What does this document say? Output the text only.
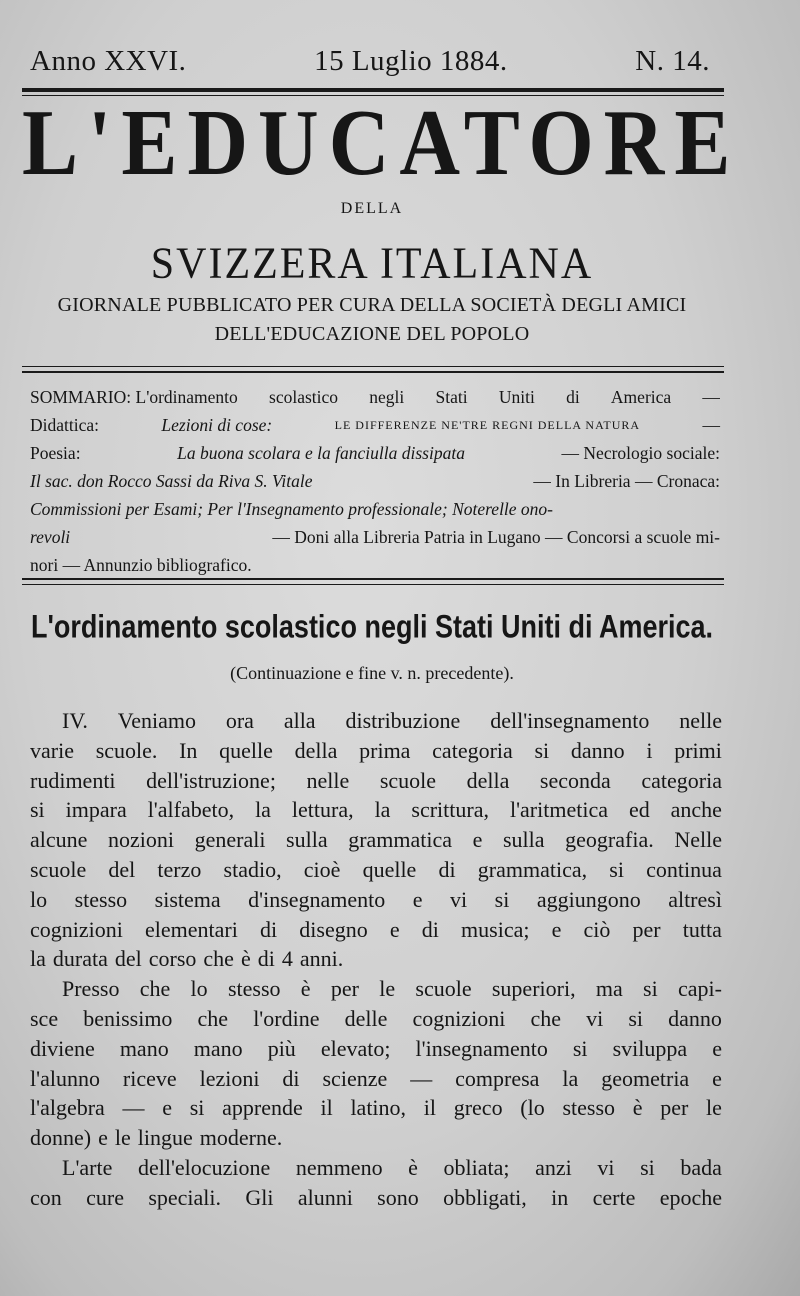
Anno XXVI.	15 Luglio 1884.	N. 14.
L'EDUCATORE
DELLA
SVIZZERA ITALIANA
GIORNALE PUBBLICATO PER CURA DELLA SOCIETÀ DEGLI AMICI
DELL'EDUCAZIONE DEL POPOLO
SOMMARIO: L'ordinamento scolastico negli Stati Uniti di America —
Didattica:	Lezioni di cose:	LE DIFFERENZE NE'TRE REGNI DELLA NATURA	—
Poesia:	La buona scolara e la fanciulla dissipata	— Necrologio sociale:
Il sac. don Rocco Sassi da Riva S. Vitale	— In Libreria — Cronaca:
Commissioni per Esami; Per l'Insegnamento professionale; Noterelle ono-
revoli	— Doni alla Libreria Patria in Lugano — Concorsi a scuole mi-
nori — Annunzio bibliografico.
L'ordinamento scolastico negli Stati Uniti di America.
(Continuazione e fine v. n. precedente).
IV. Veniamo ora alla distribuzione dell'insegnamento nelle
varie scuole. In quelle della prima categoria si danno i primi
rudimenti dell'istruzione; nelle scuole della seconda categoria
si impara l'alfabeto, la lettura, la scrittura, l'aritmetica ed anche
alcune nozioni generali sulla grammatica e sulla geografia. Nelle
scuole del terzo stadio, cioè quelle di grammatica, si continua
lo stesso sistema d'insegnamento e vi si aggiungono altresì
cognizioni elementari di disegno e di musica; e ciò per tutta
la durata del corso che è di 4 anni.
Presso che lo stesso è per le scuole superiori, ma si capi-
sce benissimo che l'ordine delle cognizioni che vi si danno
diviene mano mano più elevato; l'insegnamento si sviluppa e
l'alunno riceve lezioni di scienze — compresa la geometria e
l'algebra — e si apprende il latino, il greco (lo stesso è per le
donne) e le lingue moderne.
L'arte dell'elocuzione nemmeno è obliata; anzi vi si bada
con cure speciali. Gli alunni sono obbligati, in certe epoche
